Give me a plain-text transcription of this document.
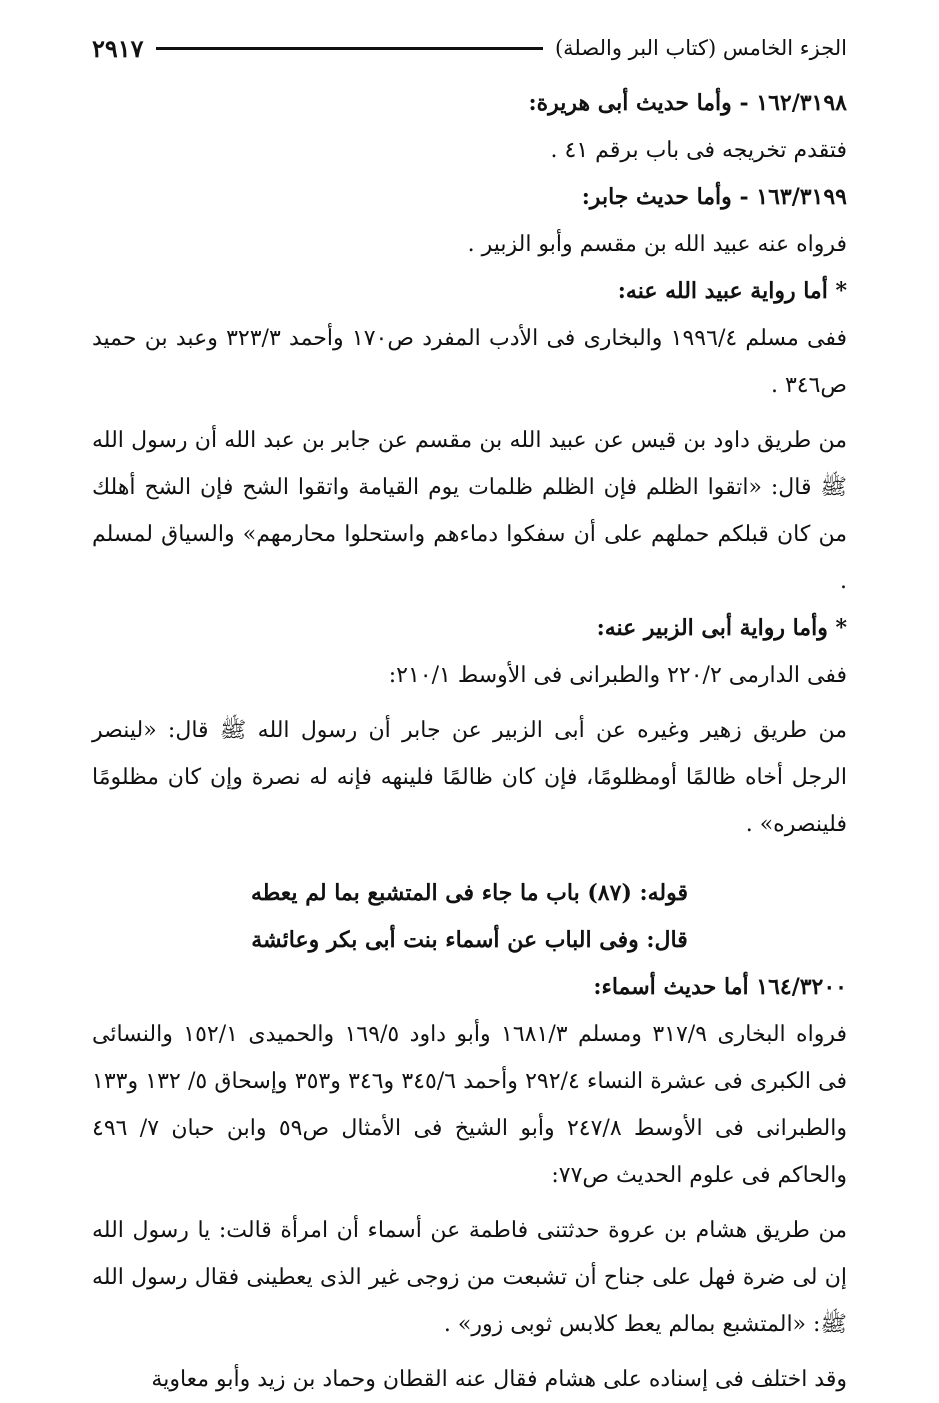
الجزء الخامس (كتاب البر والصلة)
٢٩١٧

١٦٢/٣١٩٨ - وأما حديث أبى هريرة:

فتقدم تخريجه فى باب برقم ٤١ .

١٦٣/٣١٩٩ - وأما حديث جابر:

فرواه عنه عبيد الله بن مقسم وأبو الزبير .

* أما رواية عبيد الله عنه:

ففى مسلم ١٩٩٦/٤ والبخارى فى الأدب المفرد ص١٧٠ وأحمد ٣٢٣/٣ وعبد بن حميد ص٣٤٦ .

من طريق داود بن قيس عن عبيد الله بن مقسم عن جابر بن عبد الله أن رسول الله ﷺ قال: «اتقوا الظلم فإن الظلم ظلمات يوم القيامة واتقوا الشح فإن الشح أهلك من كان قبلكم حملهم على أن سفكوا دماءهم واستحلوا محارمهم» والسياق لمسلم .

* وأما رواية أبى الزبير عنه:

ففى الدارمى ٢٢٠/٢ والطبرانى فى الأوسط ٢١٠/١:

من طريق زهير وغيره عن أبى الزبير عن جابر أن رسول الله ﷺ قال: «لينصر الرجل أخاه ظالمًا أومظلومًا، فإن كان ظالمًا فلينهه فإنه له نصرة وإن كان مظلومًا فلينصره» .

قوله: (٨٧) باب ما جاء فى المتشبع بما لم يعطه

قال: وفى الباب عن أسماء بنت أبى بكر وعائشة

١٦٤/٣٢٠٠ أما حديث أسماء:

فرواه البخارى ٣١٧/٩ ومسلم ١٦٨١/٣ وأبو داود ١٦٩/٥ والحميدى ١٥٢/١ والنسائى فى الكبرى فى عشرة النساء ٢٩٢/٤ وأحمد ٣٤٥/٦ و٣٤٦ و٣٥٣ وإسحاق ٥/ ١٣٢ و١٣٣ والطبرانى فى الأوسط ٢٤٧/٨ وأبو الشيخ فى الأمثال ص٥٩ وابن حبان ٧/ ٤٩٦ والحاكم فى علوم الحديث ص٧٧:

من طريق هشام بن عروة حدثتنى فاطمة عن أسماء أن امرأة قالت: يا رسول الله إن لى ضرة فهل على جناح أن تشبعت من زوجى غير الذى يعطينى فقال رسول الله ﷺ: «المتشبع بمالم يعط كلابس ثوبى زور» .

وقد اختلف فى إسناده على هشام فقال عنه القطان وحماد بن زيد وأبو معاوية
